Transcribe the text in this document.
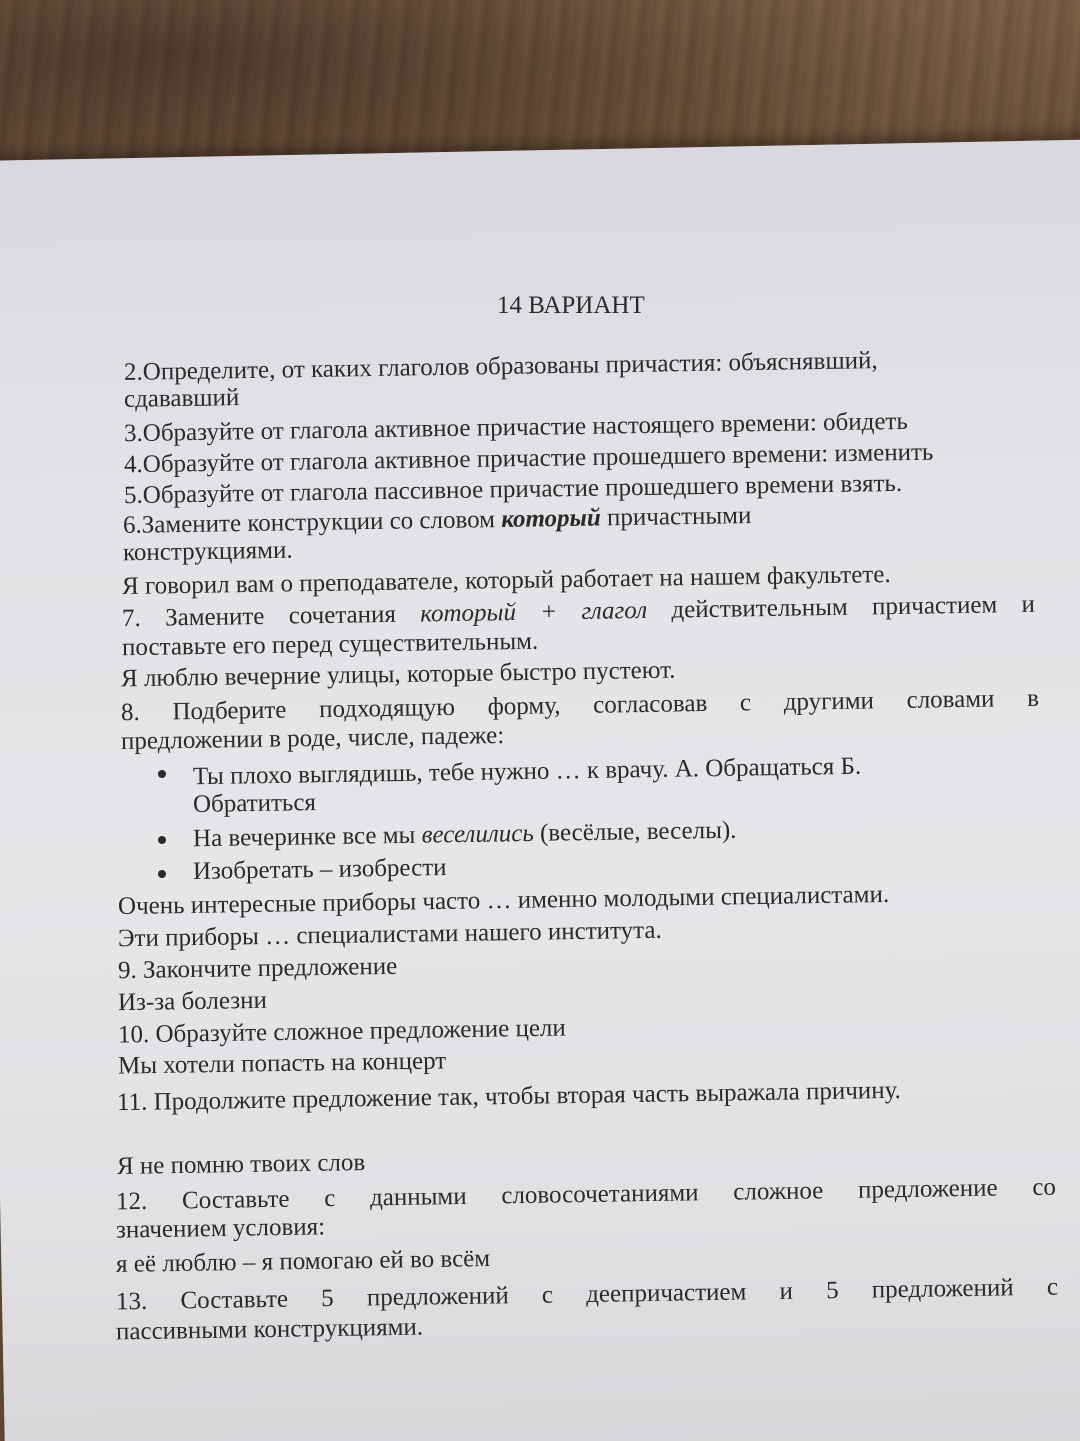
14 ВАРИАНТ
2.Определите, от каких глаголов образованы причастия: объяснявший,
сдававший
3.Образуйте от глагола активное причастие настоящего времени: обидеть
4.Образуйте от глагола активное причастие прошедшего времени: изменить
5.Образуйте от глагола пассивное причастие прошедшего времени взять.
6.Замените конструкции со словом который причастными
конструкциями.
Я говорил вам о преподавателе, который работает на нашем факультете.
7. Замените сочетания который + глагол действительным причастием и
поставьте его перед существительным.
Я люблю вечерние улицы, которые быстро пустеют.
8. Подберите подходящую форму, согласовав с другими словами в
предложении в роде, числе, падеже:
Ты плохо выглядишь, тебе нужно … к врачу. А. Обращаться Б.
Обратиться
На вечеринке все мы веселились (весёлые, веселы).
Изобретать – изобрести
Очень интересные приборы часто … именно молодыми специалистами.
Эти приборы … специалистами нашего института.
9. Закончите предложение
Из-за болезни
10. Образуйте сложное предложение цели
Мы хотели попасть на концерт
11. Продолжите предложение так, чтобы вторая часть выражала причину.
Я не помню твоих слов
12. Составьте с данными словосочетаниями сложное предложение со
значением условия:
я её люблю – я помогаю ей во всём
13. Составьте 5 предложений с деепричастием и 5 предложений с
пассивными конструкциями.
